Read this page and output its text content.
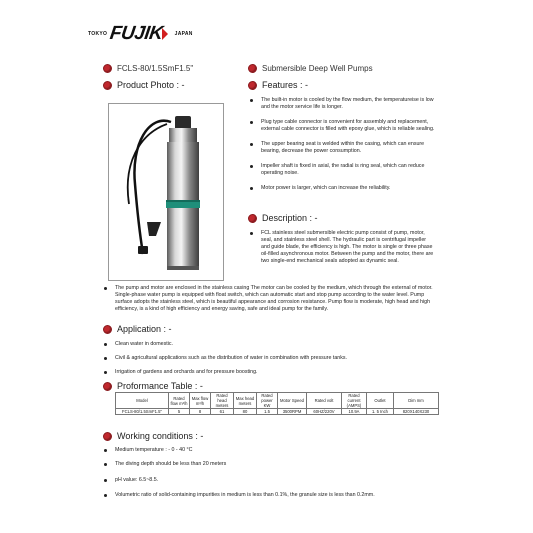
TOKYO FUJIK JAPAN
FCLS-80/1.5SmF1.5"	Submersible Deep Well Pumps
Product Photo : -	Features : -
The built-in motor is cooled by the flow medium, the temperatureise is low and the motor service life is longer.
Plug type cable connector is convenient for assembly and replacement, external cable connector is filled with epoxy glue, which is reliable sealing.
The upper bearing seat is welded within the casing, which can ensure bearing, decrease the power consumption.
Impeller shaft is fixed in axial, the radial is ring seal, which can reduce operating noise.
Motor power is larger, which can increase the reliability.
Description : -
FCL stainless steel submersible electric pump consist of pump, motor, seal, and stainless steel shell. The hydraulic part is centrifugal impeller and guide blade, the efficiency is high. The motor is single or three phase oil-filled asynchronous motor. Between the pump and the motor, there are two single-end mechanical seals adopted as dynamic seal.
The pump and motor are enclosed in the stainless casing The motor can be cooled by the medium, which through the external of motor. Single-phase water pump is equipped with float switch, which can automatic start and stop pump according to the water level. Pump surface adopts the stainless steel, which is beautiful appearance and corrosion resistance. Pump flow is moderate, high head and high efficiency, is a kind of high efficiency and energy saving, safe and ideal pump for the family.
Application : -
Clean water in domestic.
Civil & agricultural applications such as the distribution of water in combination with pressure tanks.
Irrigation of gardens and orchards and for pressure boosting.
Proformance Table : -
Model	Rated flow m³/h	Max flow m³/h	Rated head meters	Max head meters	Rated power KW	Motor Speed	Rated volt	Rated current (AMPS)	Outlet	Dim mm
FCLS-80/1.5SmF1.5"	5	8	61	80	1.5	3500RPM	60HZ/220V	10.9A	1. 5 Inch	820X140X230
Working conditions : -
Medium temperature : - 0 - 40 °C
The diving depth should be less than 20 meters
pH value: 6.5~8.5.
Volumetric ratio of solid-containing impurities in medium is less than 0.1%, the granule size is less than 0.2mm.
